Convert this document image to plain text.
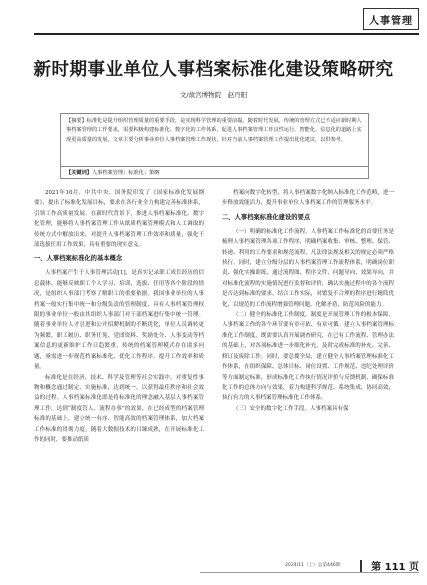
人事管理
新时期事业单位人事档案标准化建设策略研究
文/故宫博物院　赵丹阳
【摘要】标准化是提升组织管理质量的重要手段，是实现科学管理的重要前提。随着时代发展，传统的管理方式已不适应新时期人事档案管理的工作要求，需要积极构建标准化、数字化的工作体系，促进人事档案管理工作良性运行、智能化、信息化的道路上实现更高质量的发展。文章主要分析事业单位人事档案管理工作现状，针对当前人事档案管理工作提出优化建议，以供参考。
【关键词】人事档案管理；标准化；策略

2021年10月，中共中央、国务院印发了《国家标准化发展纲要》，提出了标准化发展目标，要求在各行业全力构建完善标准体系，引领工作高质量发展。在新时代背景下，推进人事档案标准化、数字化管理，能够将人事档案管理工作从纸质档案管理模式和人工调取的传统方式中解放出来，对提升人事档案管理工作效率和质量，强化干部选拔任用工作效果，具有重要的现实意义。

一、人事档案标准化的基本概念

人事档案产生于人事管理活动[1]，是真实记录职工成长经历的信息载体，能够反映职工个人学习、培训、选拔、任用等各个阶段的情况，是组织人事部门考察了解职工的重要依据。我国事业单位的人事档案一般实行集中统一和分级负责的管理制度，具有人事档案管理权限的事业单位一般由其组织人事部门对干部档案进行集中统一管理。随着事业单位人才引进和公开招聘机制的不断优化，单位人员调转更为频繁，职工履历、职务任免、党团资料、奖励处分、人事变动等档案信息的更新维护工作日趋繁重，传统的档案管理模式存在诸多问题，亟需进一步规范档案标准化、优化工作程序，提升工作效率和质量。

标准化是在经济、技术、科学及管理等社会实践中，对重复性事物和概念通过制定、实施标准，达到统一，以获得最佳秩序和社会效益的过程。人事档案标准化即是将标准化的理念融入基层人事档案管理工作，达到“制度管人、流程办事”的效果。在已经成型的档案管理标准的基础上，建立统一有序、智能高效的档案管理体系，加大档案工作标准的贯彻力度。随着大数据技术的日臻成熟，在开展标准化工作的同时，要推动纸质

档案向数字化转型，将人事档案数字化纳入标准化工作范畴，进一步释放效能活力，提升事业单位人事档案工作的管理服务水平。

二、人事档案标准化建设的要点

（一）明确的标准化工作流程。人事档案工作标准化的首要任务是梳理人事档案管理各项工作程序，明确档案收集、审核、整理、保管、转递、利用的工作要求和规范流程，凡法律法规及相关的规定必须严格执行。同时，建立分级分层的人事档案管理工作流程体系，明确岗位职责、强化实操训练，通过流程图、程序文件、问题导向、效果导向，并对标准化流程的实施情况进行监督和评价，确认实施过程中的各个流程是否达到标准的要求。结合工作实际，对繁复不合理的程序进行精简优化，以规范的工作流程增强管理问题，化解矛盾，防范风险的能力。

（二）健全的标准化工作制度。制度是开展管理工作的根本保障，人事档案工作的各个环节要有章可依、有章可循。建立人事档案管理标准化工作制度，既需要认真开展调查研究，在已有工作流程、管理办法的基础上，对各项标准进一步细化补充，及时完成标准的补充、完善、修订及废除工作。同时，要总揽全局，建立健全人事档案管理标准化工作体系，在组织保障、总体目标、岗位设置、工作规范、违纪处理评价等方面制定标准，形成标准化工作执行情况评价与反馈机制，确保标准化工作的总体方向与效果，着力构建科学规范、系统集成、协同高效，执行有力的人事档案管理标准化工作体系。

（三）安全的数字化工作手段。人事档案具有保

2024/11（上）总第446期	第 111 页
